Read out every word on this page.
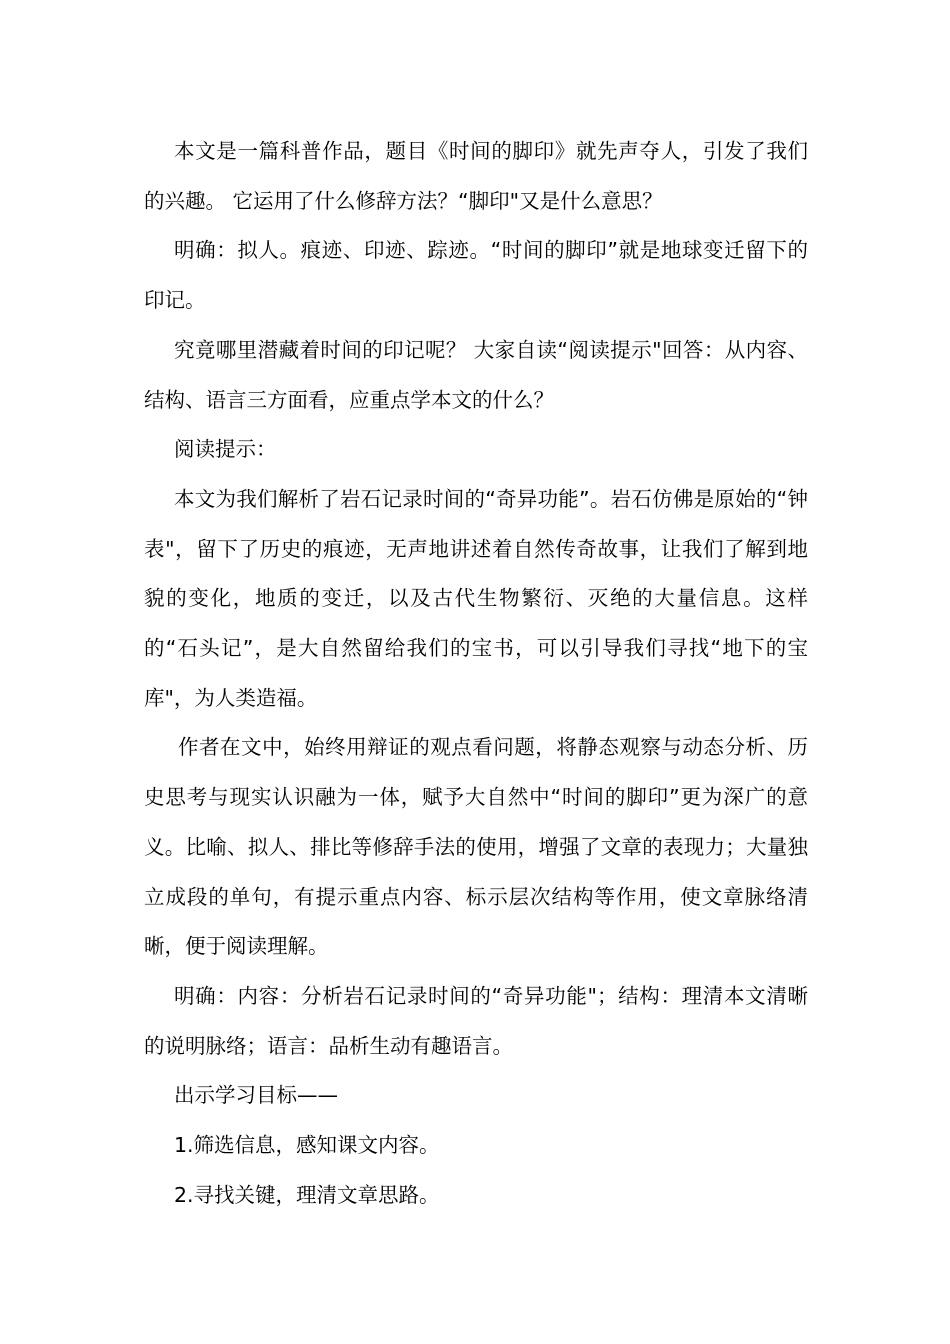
本文是一篇科普作品，题目《时间的脚印》就先声夺人，引发了我们的兴趣。 它运用了什么修辞方法？“脚印"又是什么意思？

明确：拟人。痕迹、印迹、踪迹。“时间的脚印”就是地球变迁留下的印记。

究竟哪里潜藏着时间的印记呢？ 大家自读“阅读提示"回答：从内容、结构、语言三方面看，应重点学本文的什么？

阅读提示：

本文为我们解析了岩石记录时间的“奇异功能”。岩石仿佛是原始的“钟表"，留下了历史的痕迹，无声地讲述着自然传奇故事，让我们了解到地貌的变化，地质的变迁，以及古代生物繁衍、灭绝的大量信息。这样的“石头记”，是大自然留给我们的宝书，可以引导我们寻找“地下的宝库"，为人类造福。

作者在文中，始终用辩证的观点看问题，将静态观察与动态分析、历史思考与现实认识融为一体，赋予大自然中“时间的脚印”更为深广的意义。比喻、拟人、排比等修辞手法的使用，增强了文章的表现力；大量独立成段的单句，有提示重点内容、标示层次结构等作用，使文章脉络清晰，便于阅读理解。

明确：内容：分析岩石记录时间的“奇异功能"；结构：理清本文清晰的说明脉络；语言：品析生动有趣语言。

出示学习目标——

1.筛选信息，感知课文内容。

2.寻找关键，理清文章思路。
